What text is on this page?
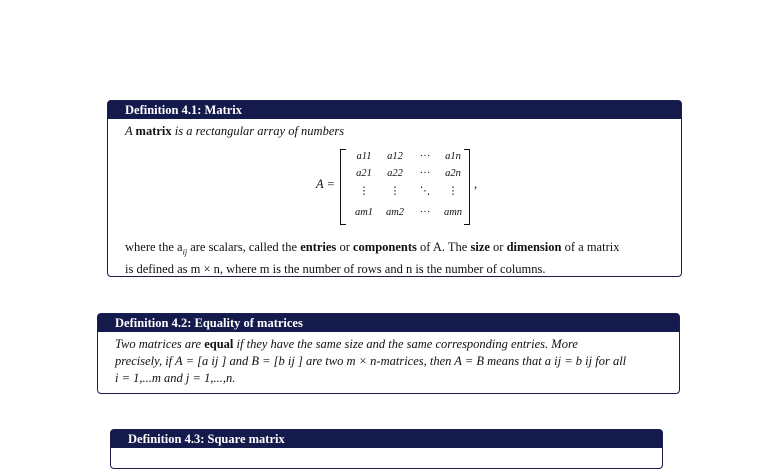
Definition 4.1: Matrix
A matrix is a rectangular array of numbers
A =
a11	a12	···	a1n
a21	a22	···	a2n
⋮	⋮	⋱	⋮
am1	am2	···	amn
,
where the $a_{ij}$ are scalars, called the entries or components of A. The size or dimension of a matrix
is defined as m × n, where m is the number of rows and n is the number of columns.
Definition 4.2: Equality of matrices
Two matrices are equal if they have the same size and the same corresponding entries. More
precisely, if A = [a ij ] and B = [b ij ] are two m × n-matrices, then A = B means that a ij = b ij for all
i = 1,...m and j = 1,...,n.
Definition 4.3: Square matrix
